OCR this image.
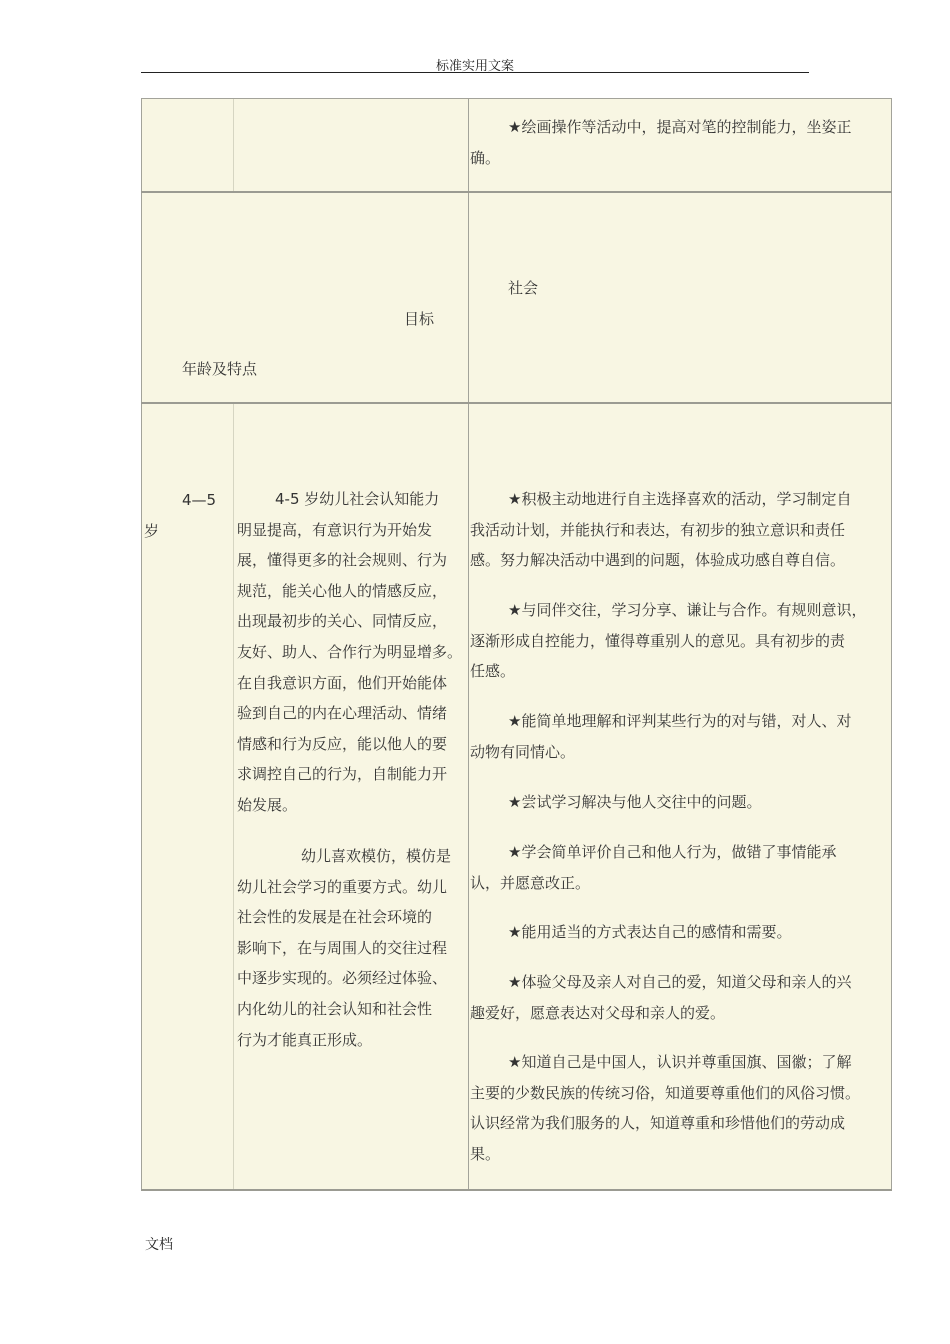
标准实用文案
★绘画操作等活动中，提高对笔的控制能力，坐姿正
确。
社会
目标
年龄及特点
4—5
岁
4-5 岁幼儿社会认知能力
明显提高，有意识行为开始发
展，懂得更多的社会规则、行为
规范，能关心他人的情感反应，
出现最初步的关心、同情反应，
友好、助人、合作行为明显增多。
在自我意识方面，他们开始能体
验到自己的内在心理活动、情绪
情感和行为反应，能以他人的要
求调控自己的行为，自制能力开
始发展。
幼儿喜欢模仿，模仿是
幼儿社会学习的重要方式。幼儿
社会性的发展是在社会环境的
影响下，在与周围人的交往过程
中逐步实现的。必须经过体验、
内化幼儿的社会认知和社会性
行为才能真正形成。
★积极主动地进行自主选择喜欢的活动，学习制定自
我活动计划，并能执行和表达，有初步的独立意识和责任
感。努力解决活动中遇到的问题，体验成功感自尊自信。
★与同伴交往，学习分享、谦让与合作。有规则意识，
逐渐形成自控能力，懂得尊重别人的意见。具有初步的责
任感。
★能简单地理解和评判某些行为的对与错，对人、对
动物有同情心。
★尝试学习解决与他人交往中的问题。
★学会简单评价自己和他人行为，做错了事情能承
认，并愿意改正。
★能用适当的方式表达自己的感情和需要。
★体验父母及亲人对自己的爱，知道父母和亲人的兴
趣爱好，愿意表达对父母和亲人的爱。
★知道自己是中国人，认识并尊重国旗、国徽；了解
主要的少数民族的传统习俗，知道要尊重他们的风俗习惯。
认识经常为我们服务的人，知道尊重和珍惜他们的劳动成
果。
文档
